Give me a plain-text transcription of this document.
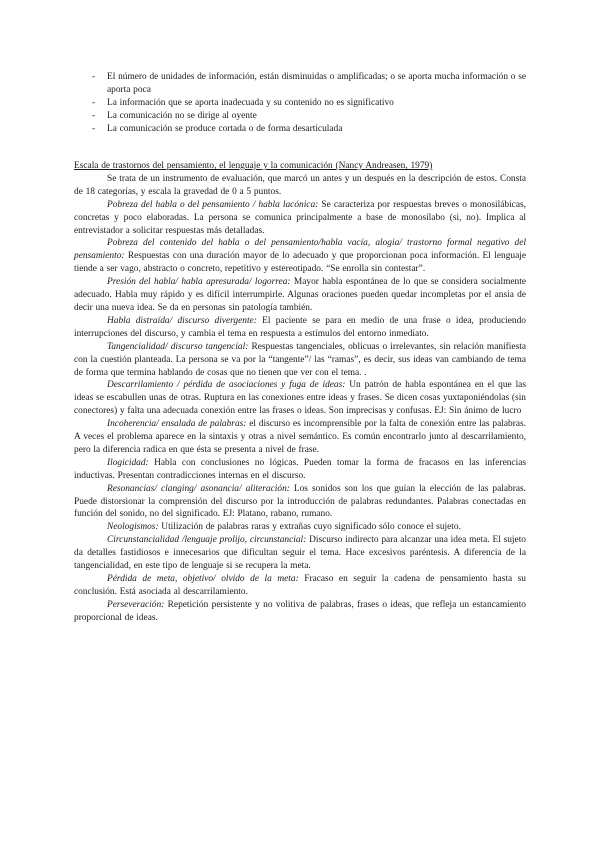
- El número de unidades de información, están disminuidas o amplificadas; o se aporta mucha información o se aporta poca
- La información que se aporta inadecuada y su contenido no es significativo
- La comunicación no se dirige al oyente
- La comunicación se produce cortada o de forma desarticulada
Escala de trastornos del pensamiento, el lenguaje y la comunicación (Nancy Andreasen, 1979)

Se trata de un instrumento de evaluación, que marcó un antes y un después en la descripción de estos. Consta de 18 categorías, y escala la gravedad de 0 a 5 puntos.

Pobreza del habla o del pensamiento / habla lacónica: Se caracteriza por respuestas breves o monosilábicas, concretas y poco elaboradas. La persona se comunica principalmente a base de monosílabo (si, no). Implica al entrevistador a solicitar respuestas más detalladas.

Pobreza del contenido del habla o del pensamiento/habla vacía, alogia/ trastorno formal negativo del pensamiento: Respuestas con una duración mayor de lo adecuado y que proporcionan poca información. El lenguaje tiende a ser vago, abstracto o concreto, repetitivo y estereotipado. “Se enrolla sin contestar”.

Presión del habla/ habla apresurada/ logorrea: Mayor habla espontánea de lo que se considera socialmente adecuado. Habla muy rápido y es difícil interrumpirle. Algunas oraciones pueden quedar incompletas por el ansia de decir una nueva idea. Se da en personas sin patología también.

Habla distraída/ discurso divergente: El paciente se para en medio de una frase o idea, produciendo interrupciones del discurso, y cambia el tema en respuesta a estímulos del entorno inmediato.

Tangencialidad/ discurso tangencial: Respuestas tangenciales, oblicuas o irrelevantes, sin relación manifiesta con la cuestión planteada. La persona se va por la “tangente”/ las “ramas”, es decir, sus ideas van cambiando de tema de forma que termina hablando de cosas que no tienen que ver con el tema. .

Descarrilamiento / pérdida de asociaciones y fuga de ideas: Un patrón de habla espontánea en el que las ideas se escabullen unas de otras. Ruptura en las conexiones entre ideas y frases. Se dicen cosas yuxtaponiéndolas (sin conectores) y falta una adecuada conexión entre las frases o ideas. Son imprecisas y confusas. EJ: Sin ánimo de lucro

Incoherencia/ ensalada de palabras: el discurso es incomprensible por la falta de conexión entre las palabras. A veces el problema aparece en la sintaxis y otras a nivel semántico. Es común encontrarlo junto al descarrilamiento, pero la diferencia radica en que ésta se presenta a nivel de frase.

Ilogicidad: Habla con conclusiones no lógicas. Pueden tomar la forma de fracasos en las inferencias inductivas. Presentan contradicciones internas en el discurso.

Resonancias/ clanging/ asonancia/ aliteración: Los sonidos son los que guían la elección de las palabras. Puede distorsionar la comprensión del discurso por la introducción de palabras redundantes. Palabras conectadas en función del sonido, no del significado. EJ: Platano, rabano, rumano.

Neologismos: Utilización de palabras raras y extrañas cuyo significado sólo conoce el sujeto.

Circunstancialidad /lenguaje prolijo, circunstancial: Discurso indirecto para alcanzar una idea meta. El sujeto da detalles fastidiosos e innecesarios que dificultan seguir el tema. Hace excesivos paréntesis. A diferencia de la tangencialidad, en este tipo de lenguaje si se recupera la meta.

Pérdida de meta, objetivo/ olvido de la meta: Fracaso en seguir la cadena de pensamiento hasta su conclusión. Está asociada al descarrilamiento.

Perseveración: Repetición persistente y no volitiva de palabras, frases o ideas, que refleja un estancamiento proporcional de ideas.
